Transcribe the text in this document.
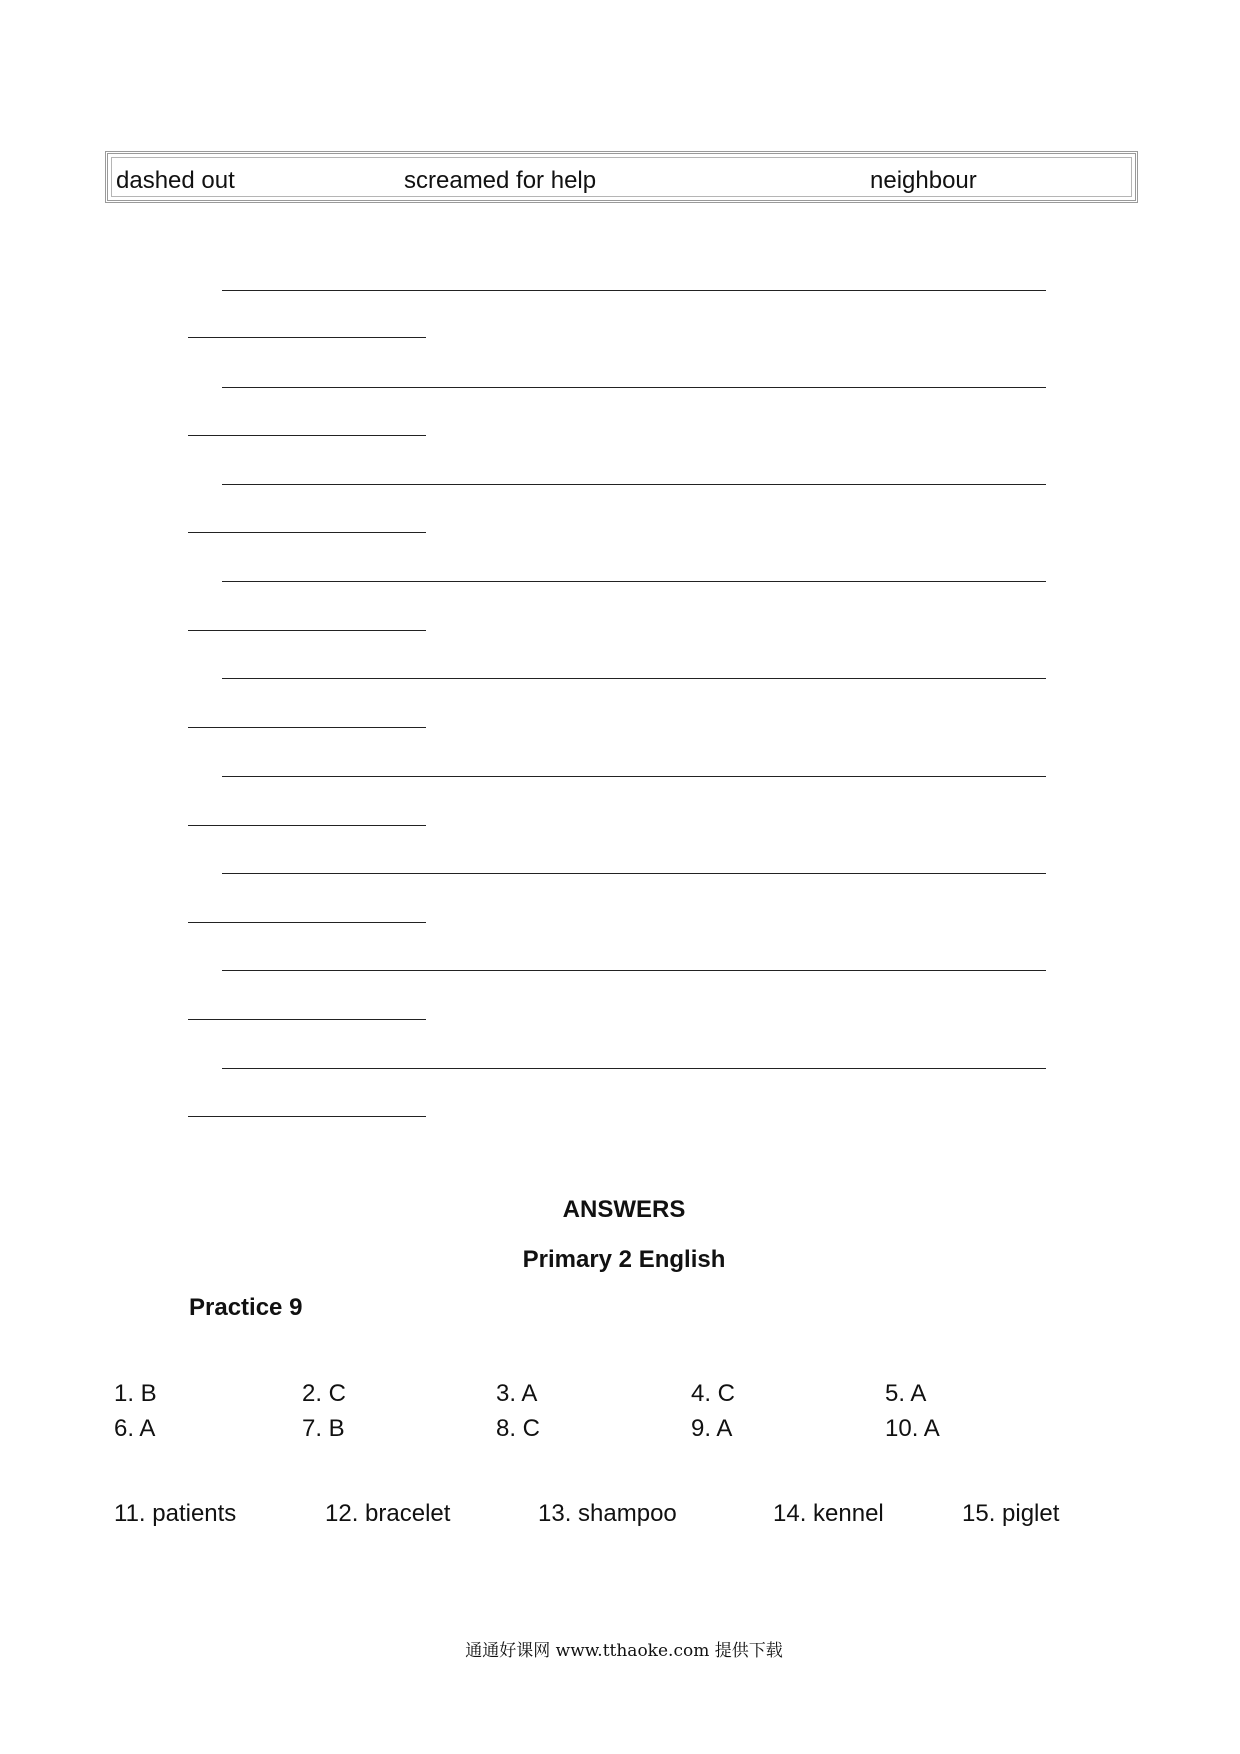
dashed out	screamed for help	neighbour
ANSWERS
Primary 2 English
Practice 9
1. B	2. C	3. A	4. C	5. A
6. A	7. B	8. C	9. A	10. A
11. patients	12. bracelet	13. shampoo	14. kennel	15. piglet
通通好课网 www.tthaoke.com 提供下载
